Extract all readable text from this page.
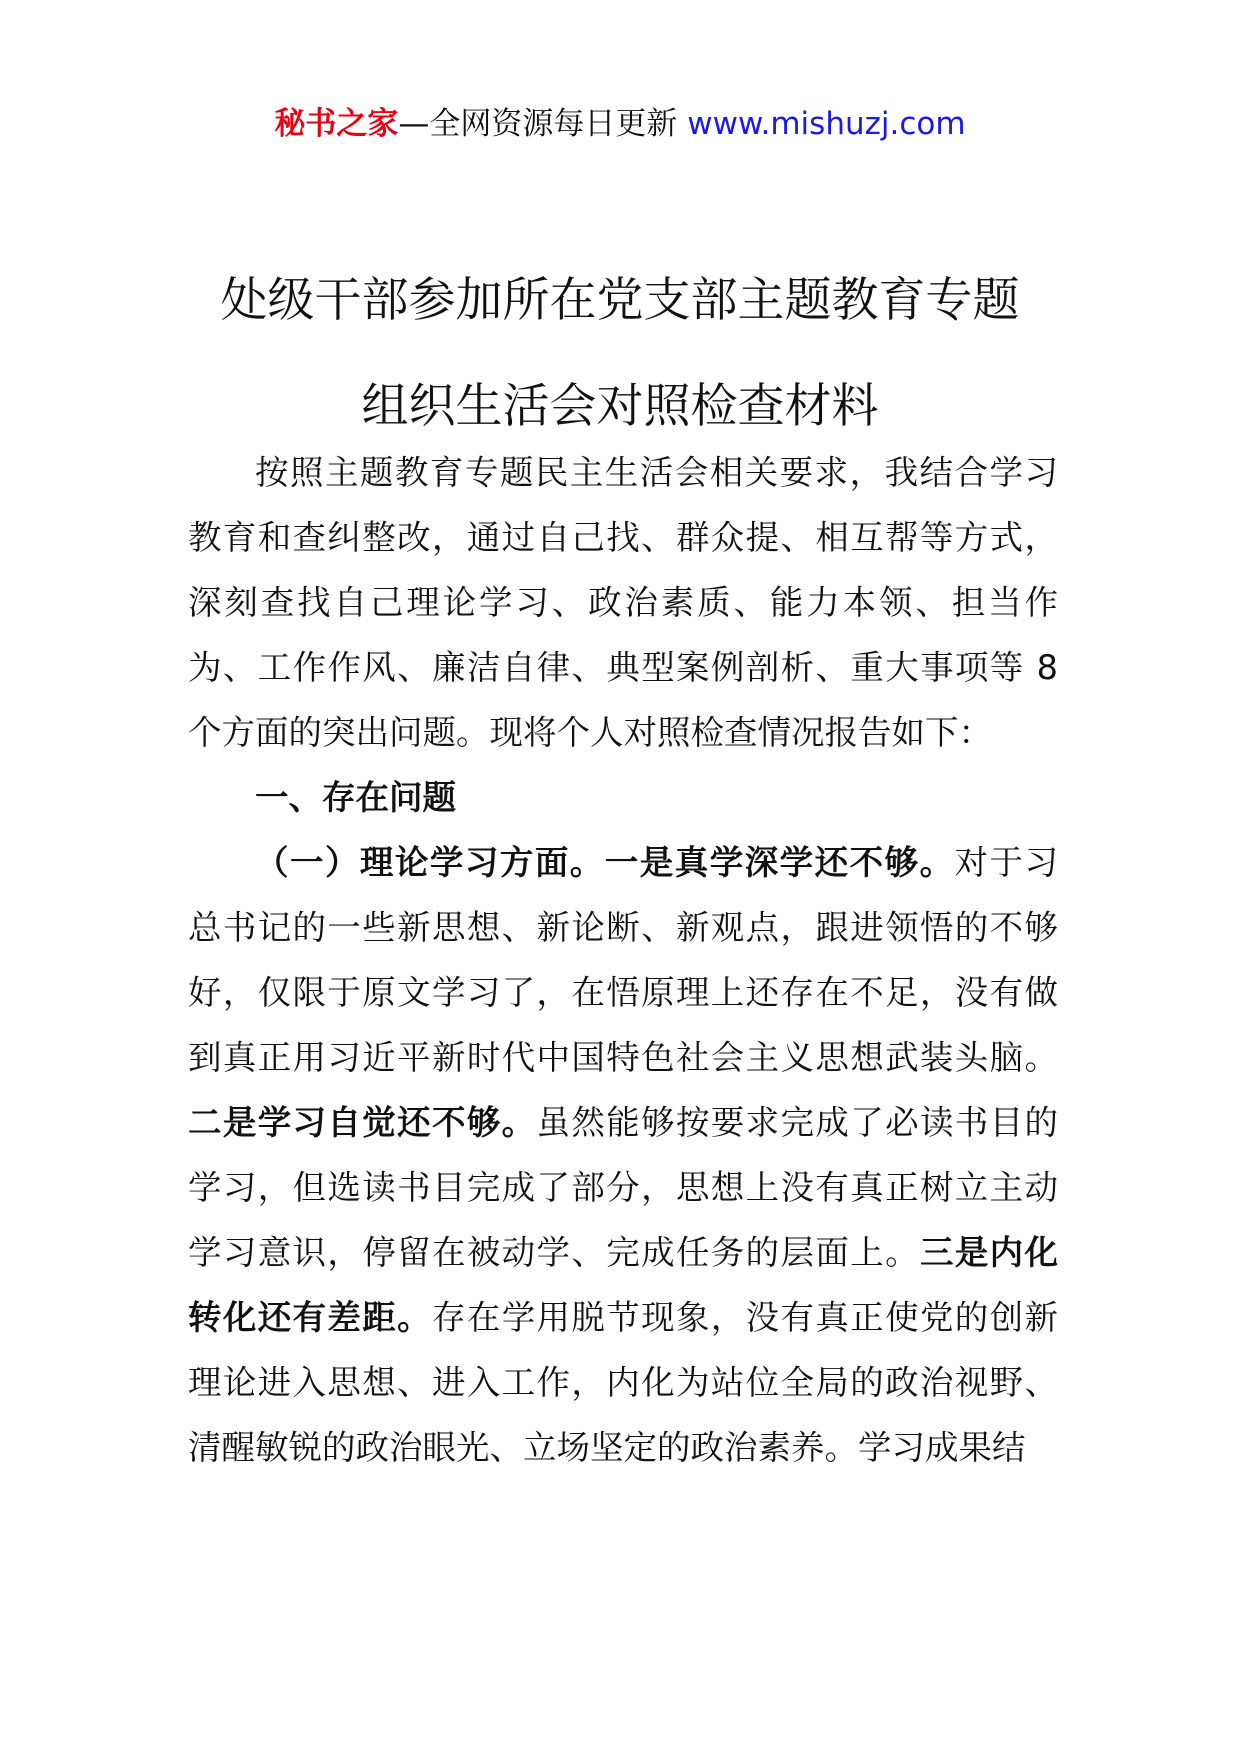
秘书之家—全网资源每日更新 www.mishuzj.com
处级干部参加所在党支部主题教育专题
组织生活会对照检查材料

按照主题教育专题民主生活会相关要求，我结合学习教育和查纠整改，通过自己找、群众提、相互帮等方式，深刻查找自己理论学习、政治素质、能力本领、担当作为、工作作风、廉洁自律、典型案例剖析、重大事项等 8 个方面的突出问题。现将个人对照检查情况报告如下：

一、存在问题

（一）理论学习方面。一是真学深学还不够。对于习总书记的一些新思想、新论断、新观点，跟进领悟的不够好，仅限于原文学习了，在悟原理上还存在不足，没有做到真正用习近平新时代中国特色社会主义思想武装头脑。二是学习自觉还不够。虽然能够按要求完成了必读书目的学习，但选读书目完成了部分，思想上没有真正树立主动学习意识，停留在被动学、完成任务的层面上。三是内化转化还有差距。存在学用脱节现象，没有真正使党的创新理论进入思想、进入工作，内化为站位全局的政治视野、清醒敏锐的政治眼光、立场坚定的政治素养。学习成果结
